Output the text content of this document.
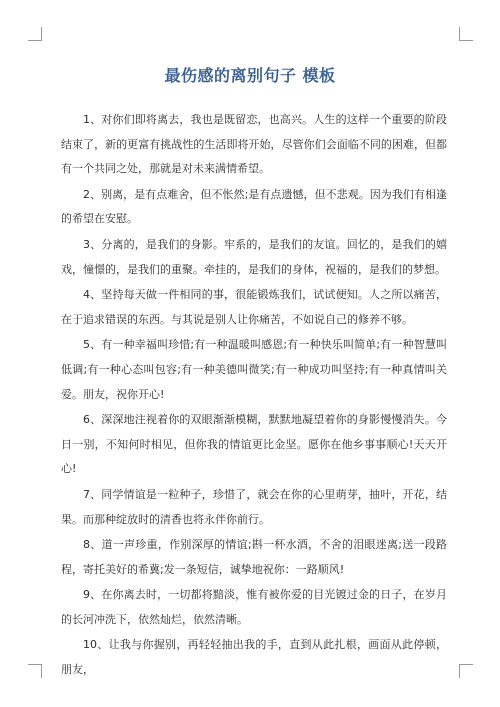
最伤感的离别句子 模板

1、对你们即将离去，我也是既留恋，也高兴。人生的这样一个重要的阶段结束了，新的更富有挑战性的生活即将开始，尽管你们会面临不同的困难，但都有一个共同之处，那就是对未来满情希望。

2、别离，是有点难舍，但不怅然;是有点遗憾，但不悲观。因为我们有相逢的希望在安慰。

3、分离的，是我们的身影。牢系的，是我们的友谊。回忆的，是我们的嬉戏，憧憬的，是我们的重聚。牵挂的，是我们的身体，祝福的，是我们的梦想。

4、坚持每天做一件相同的事，很能锻炼我们，试试便知。人之所以痛苦，在于追求错误的东西。与其说是别人让你痛苦，不如说自己的修养不够。

5、有一种幸福叫珍惜;有一种温暖叫感恩;有一种快乐叫简单;有一种智慧叫低调;有一种心态叫包容;有一种美德叫微笑;有一种成功叫坚持;有一种真情叫关爱。朋友，祝你开心!

6、深深地注视着你的双眼渐渐模糊，默默地凝望着你的身影慢慢消失。今日一别，不知何时相见，但你我的情谊更比金坚。愿你在他乡事事顺心!天天开心!

7、同学情谊是一粒种子，珍惜了，就会在你的心里萌芽，抽叶，开花，结果。而那种绽放时的清香也将永伴你前行。

8、道一声珍重，作别深厚的情谊;斟一杯水酒，不舍的泪眼迷离;送一段路程，寄托美好的希冀;发一条短信，诚挚地祝你：一路顺风!

9、在你离去时，一切都将黯淡，惟有被你爱的目光镀过金的日子，在岁月的长河冲洗下，依然灿烂，依然清晰。

10、让我与你握别，再轻轻抽出我的手，直到从此扎根，画面从此停顿，朋友，
